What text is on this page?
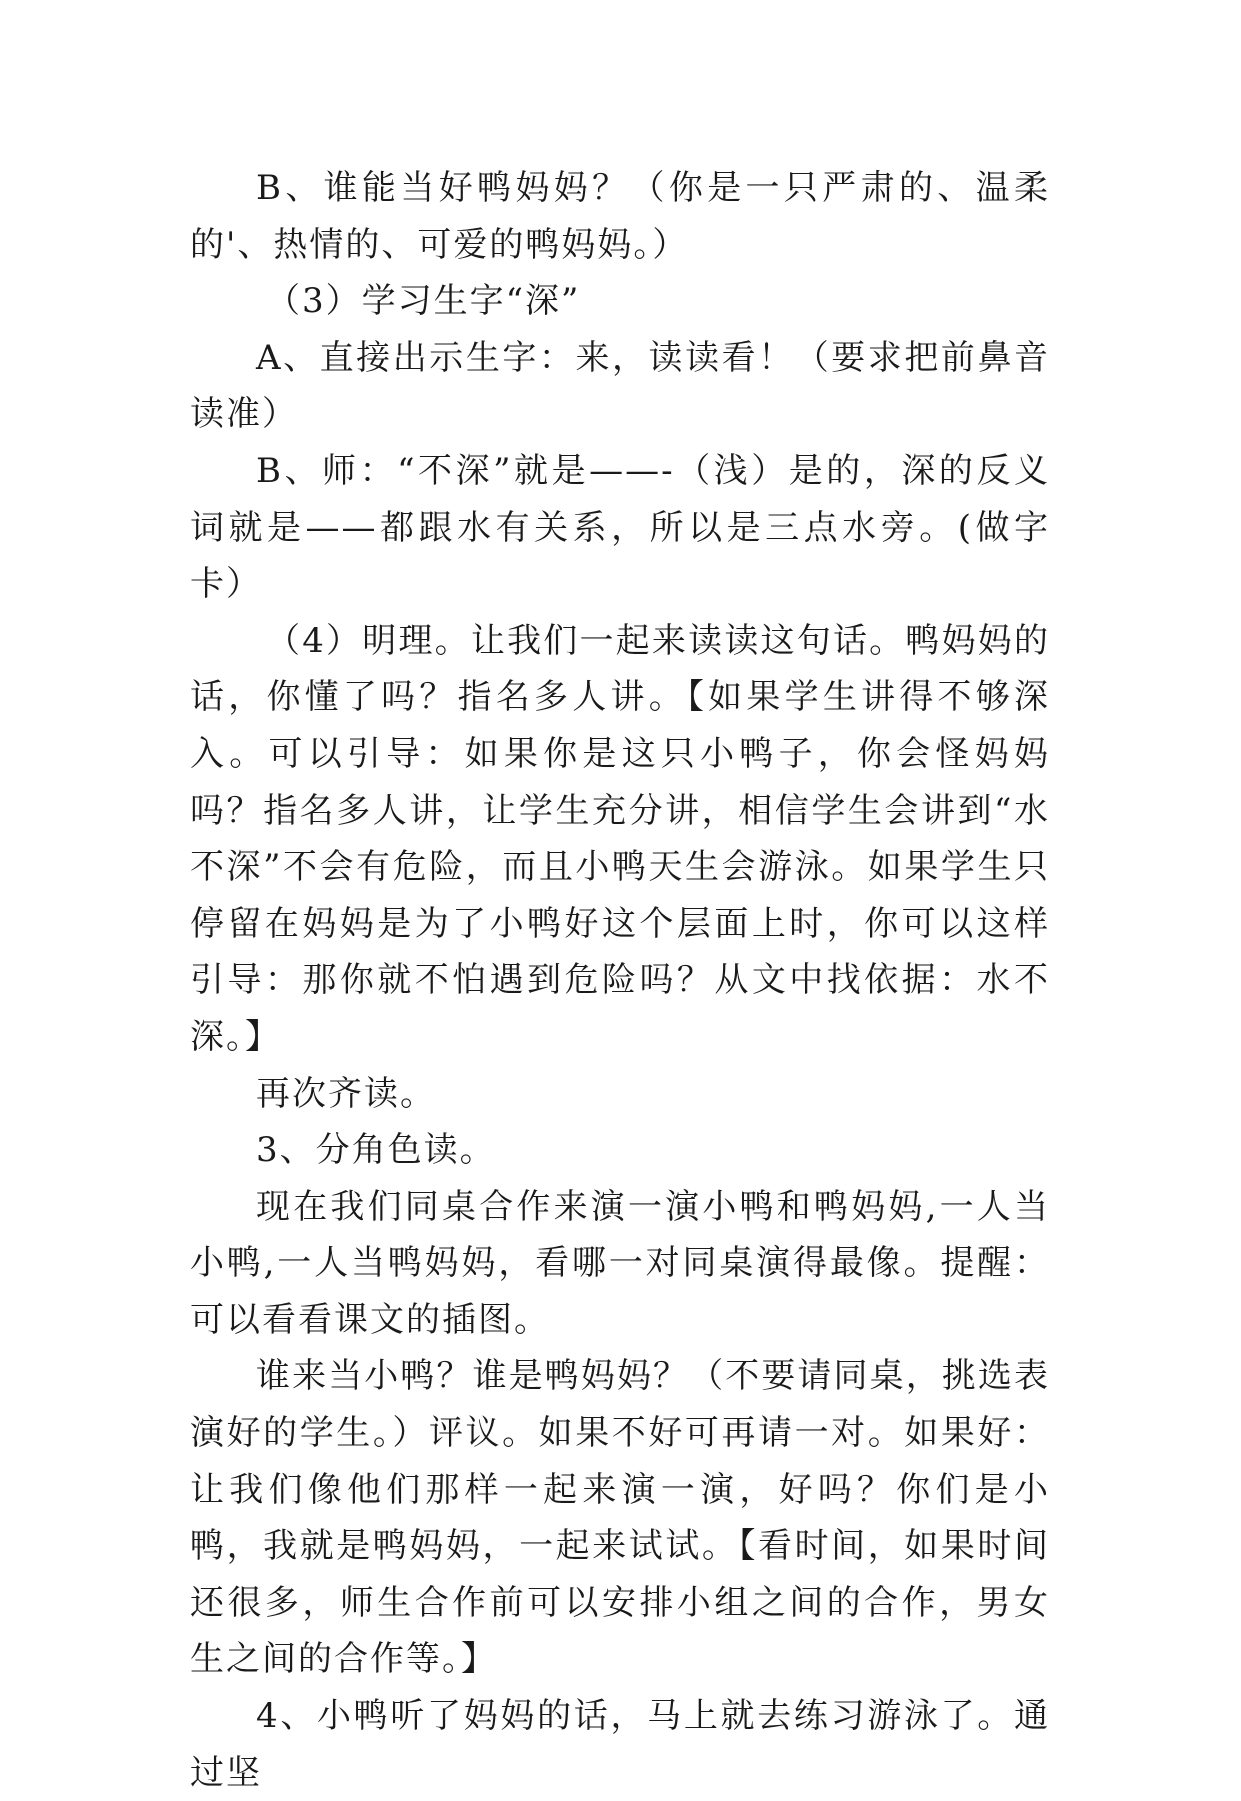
B、谁能当好鸭妈妈？（你是一只严肃的、温柔的'、热情的、可爱的鸭妈妈。）

（3）学习生字“深”

A、直接出示生字：来，读读看！（要求把前鼻音读准）

B、师：“不深”就是——-（浅）是的，深的反义词就是——都跟水有关系，所以是三点水旁。(做字卡）

（4）明理。让我们一起来读读这句话。鸭妈妈的话，你懂了吗？指名多人讲。【如果学生讲得不够深入。可以引导：如果你是这只小鸭子，你会怪妈妈吗？指名多人讲，让学生充分讲，相信学生会讲到“水不深”不会有危险，而且小鸭天生会游泳。如果学生只停留在妈妈是为了小鸭好这个层面上时，你可以这样引导：那你就不怕遇到危险吗？从文中找依据：水不深。】

再次齐读。

3、分角色读。

现在我们同桌合作来演一演小鸭和鸭妈妈,一人当小鸭,一人当鸭妈妈，看哪一对同桌演得最像。提醒：可以看看课文的插图。

谁来当小鸭？谁是鸭妈妈？（不要请同桌，挑选表演好的学生。）评议。如果不好可再请一对。如果好：让我们像他们那样一起来演一演，好吗？你们是小鸭，我就是鸭妈妈，一起来试试。【看时间，如果时间还很多，师生合作前可以安排小组之间的合作，男女生之间的合作等。】

4、小鸭听了妈妈的话，马上就去练习游泳了。通过坚
